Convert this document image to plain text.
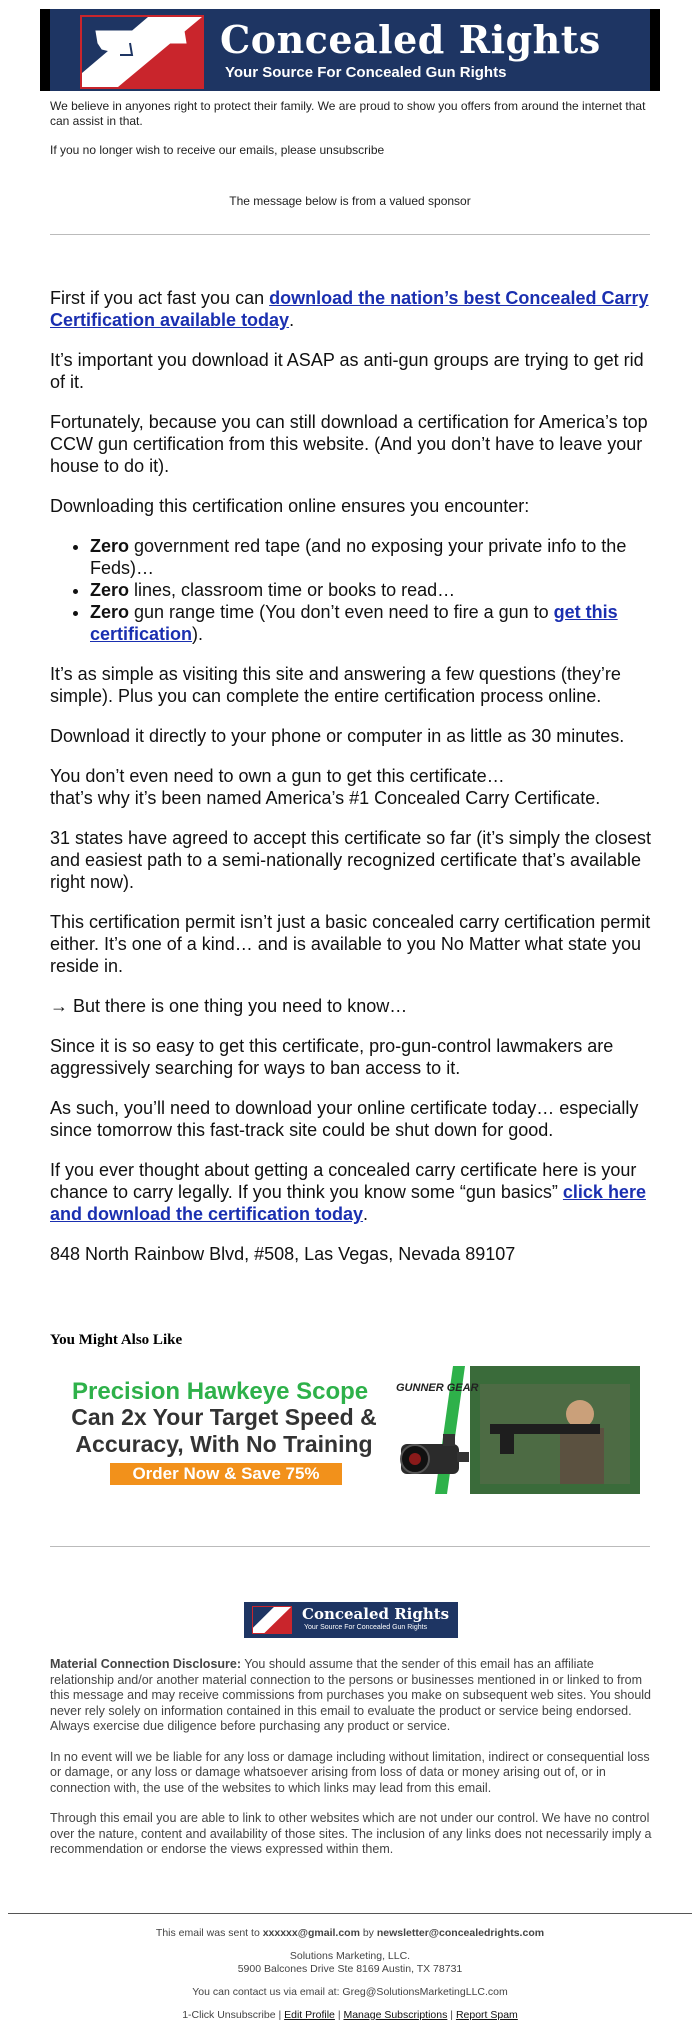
Concealed Rights
Your Source For Concealed Gun Rights

We believe in anyones right to protect their family. We are proud to show you offers from around the internet that can assist in that.

If you no longer wish to receive our emails, please unsubscribe

The message below is from a valued sponsor

First if you act fast you can download the nation’s best Concealed Carry Certification available today.

It’s important you download it ASAP as anti-gun groups are trying to get rid of it.

Fortunately, because you can still download a certification for America’s top CCW gun certification from this website. (And you don’t have to leave your house to do it).

Downloading this certification online ensures you encounter:

• Zero government red tape (and no exposing your private info to the Feds)…
• Zero lines, classroom time or books to read…
• Zero gun range time (You don’t even need to fire a gun to get this certification).

It’s as simple as visiting this site and answering a few questions (they’re simple). Plus you can complete the entire certification process online.

Download it directly to your phone or computer in as little as 30 minutes.

You don’t even need to own a gun to get this certificate…
that’s why it’s been named America’s #1 Concealed Carry Certificate.

31 states have agreed to accept this certificate so far (it’s simply the closest and easiest path to a semi-nationally recognized certificate that’s available right now).

This certification permit isn’t just a basic concealed carry certification permit either. It’s one of a kind… and is available to you No Matter what state you reside in.

→ But there is one thing you need to know…

Since it is so easy to get this certificate, pro-gun-control lawmakers are aggressively searching for ways to ban access to it.

As such, you’ll need to download your online certificate today… especially since tomorrow this fast-track site could be shut down for good.

If you ever thought about getting a concealed carry certificate here is your chance to carry legally. If you think you know some “gun basics” click here and download the certification today.

848 North Rainbow Blvd, #508, Las Vegas, Nevada 89107

You Might Also Like
Precision Hawkeye Scope
Can 2x Your Target Speed &
Accuracy, With No Training
Order Now & Save 75%
GUNNER GEAR
Concealed Rights
Your Source For Concealed Gun Rights

Material Connection Disclosure: You should assume that the sender of this email has an affiliate relationship and/or another material connection to the persons or businesses mentioned in or linked to from this message and may receive commissions from purchases you make on subsequent web sites. You should never rely solely on information contained in this email to evaluate the product or service being endorsed. Always exercise due diligence before purchasing any product or service.

In no event will we be liable for any loss or damage including without limitation, indirect or consequential loss or damage, or any loss or damage whatsoever arising from loss of data or money arising out of, or in connection with, the use of the websites to which links may lead from this email.

Through this email you are able to link to other websites which are not under our control. We have no control over the nature, content and availability of those sites. The inclusion of any links does not necessarily imply a recommendation or endorse the views expressed within them.

This email was sent to xxxxxx@gmail.com by newsletter@concealedrights.com

Solutions Marketing, LLC.
5900 Balcones Drive Ste 8169 Austin, TX 78731

You can contact us via email at: Greg@SolutionsMarketingLLC.com

1-Click Unsubscribe | Edit Profile | Manage Subscriptions | Report Spam
